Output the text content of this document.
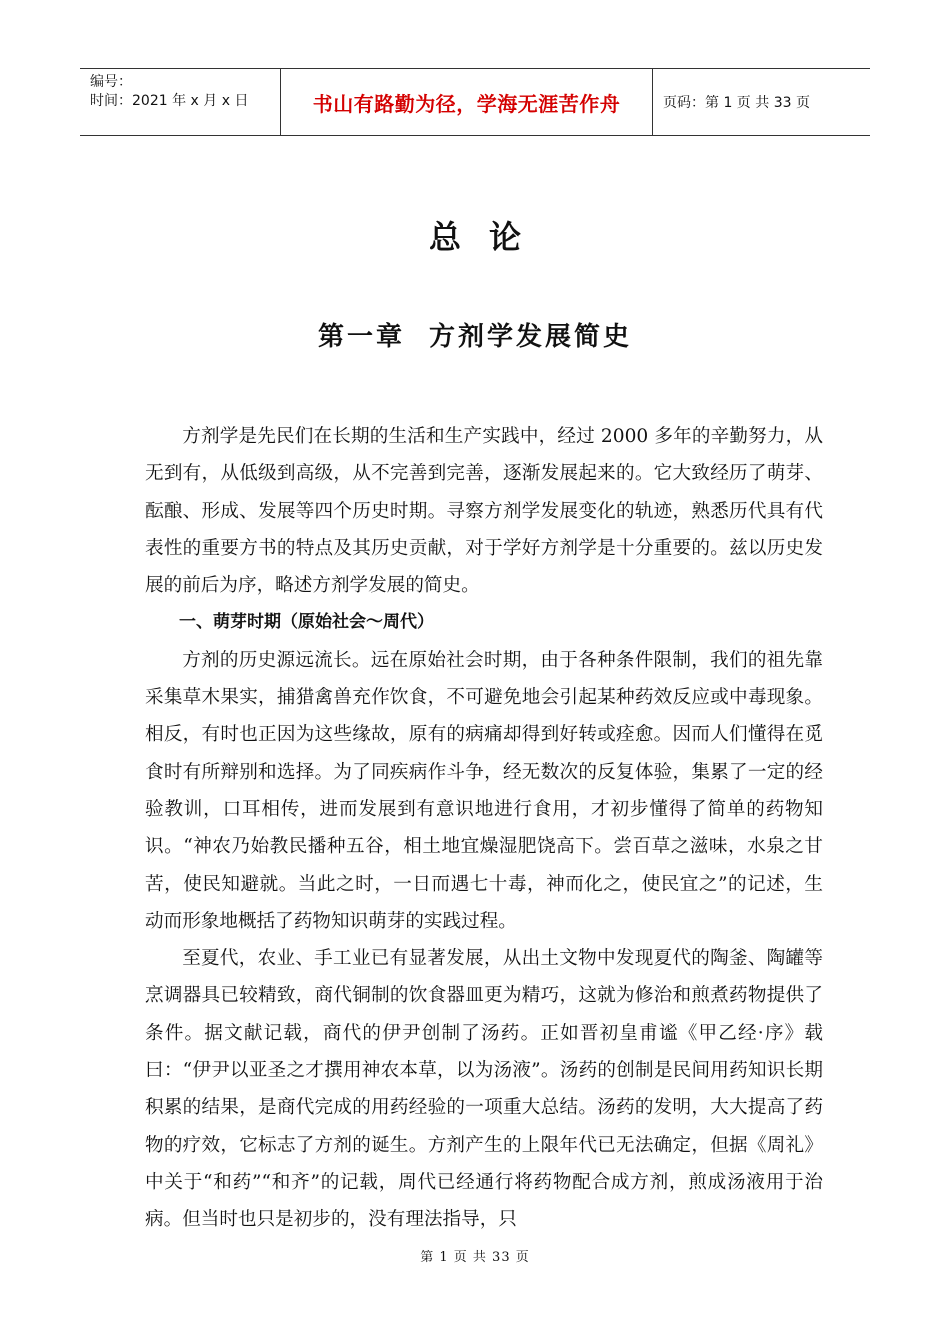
编号：
时间：2021 年 x 月 x 日	书山有路勤为径，学海无涯苦作舟	页码：第 1 页 共 33 页
总论
第一章  方剂学发展简史

方剂学是先民们在长期的生活和生产实践中，经过 2000 多年的辛勤努力，从无到有，从低级到高级，从不完善到完善，逐渐发展起来的。它大致经历了萌芽、酝酿、形成、发展等四个历史时期。寻察方剂学发展变化的轨迹，熟悉历代具有代表性的重要方书的特点及其历史贡献，对于学好方剂学是十分重要的。兹以历史发展的前后为序，略述方剂学发展的简史。

一、萌芽时期（原始社会～周代）

方剂的历史源远流长。远在原始社会时期，由于各种条件限制，我们的祖先靠采集草木果实，捕猎禽兽充作饮食，不可避免地会引起某种药效反应或中毒现象。相反，有时也正因为这些缘故，原有的病痛却得到好转或痊愈。因而人们懂得在觅食时有所辩别和选择。为了同疾病作斗争，经无数次的反复体验，集累了一定的经验教训，口耳相传，进而发展到有意识地进行食用，才初步懂得了简单的药物知识。“神农乃始教民播种五谷，相土地宜燥湿肥饶高下。尝百草之滋味，水泉之甘苦，使民知避就。当此之时，一日而遇七十毒，神而化之，使民宜之”的记述，生动而形象地概括了药物知识萌芽的实践过程。

至夏代，农业、手工业已有显著发展，从出土文物中发现夏代的陶釜、陶罐等烹调器具已较精致，商代铜制的饮食器皿更为精巧，这就为修治和煎煮药物提供了条件。据文献记载，商代的伊尹创制了汤药。正如晋初皇甫谧《甲乙经·序》载曰：“伊尹以亚圣之才撰用神农本草，以为汤液”。汤药的创制是民间用药知识长期积累的结果，是商代完成的用药经验的一项重大总结。汤药的发明，大大提高了药物的疗效，它标志了方剂的诞生。方剂产生的上限年代已无法确定，但据《周礼》中关于“和药”“和齐”的记载，周代已经通行将药物配合成方剂，煎成汤液用于治病。但当时也只是初步的，没有理法指导，只

第 1 页 共 33 页
